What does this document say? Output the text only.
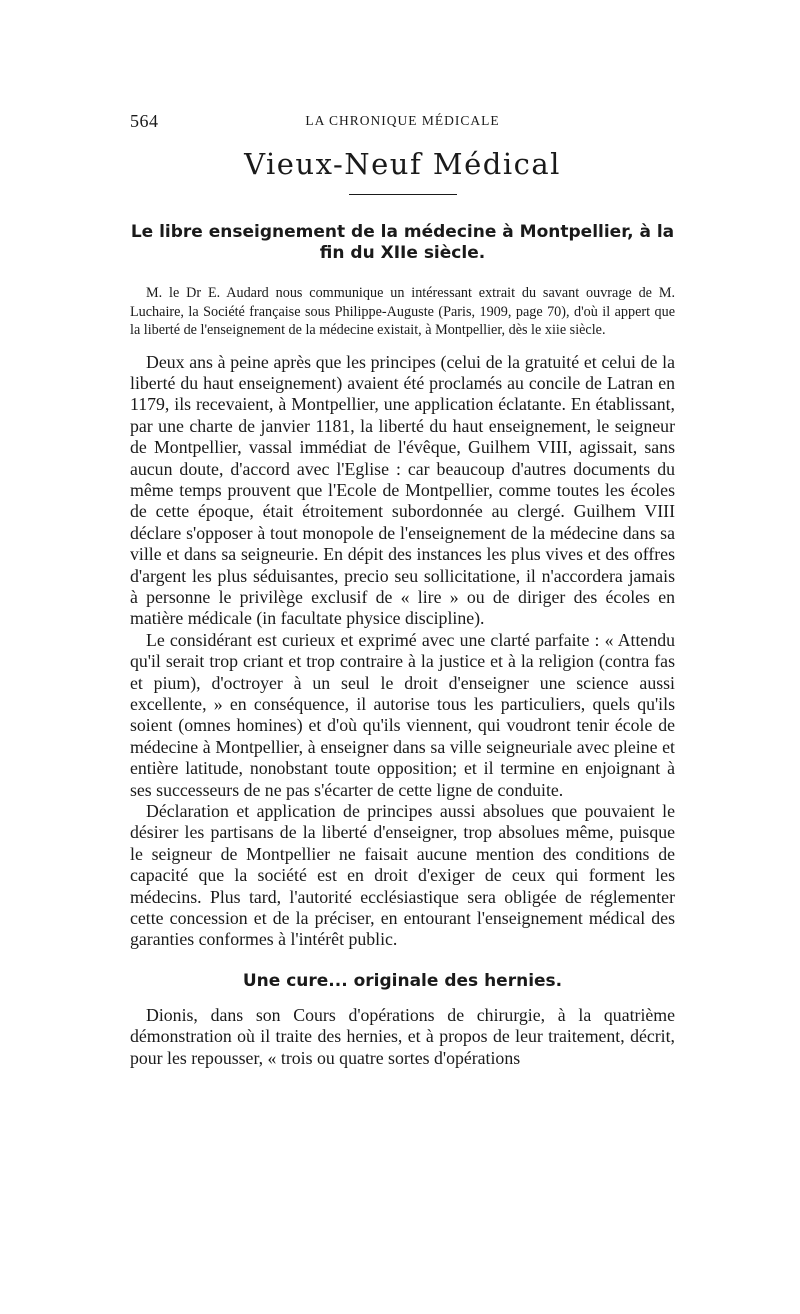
564	LA CHRONIQUE MÉDICALE
Vieux-Neuf Médical
Le libre enseignement de la médecine à Montpellier, à la fin du XIIe siècle.
M. le Dr E. Audard nous communique un intéressant extrait du savant ouvrage de M. Luchaire, la Société française sous Philippe-Auguste (Paris, 1909, page 70), d'où il appert que la liberté de l'enseignement de la médecine existait, à Montpellier, dès le xiie siècle.

Deux ans à peine après que les principes (celui de la gratuité et celui de la liberté du haut enseignement) avaient été proclamés au concile de Latran en 1179, ils recevaient, à Montpellier, une application éclatante. En établissant, par une charte de janvier 1181, la liberté du haut enseignement, le seigneur de Montpellier, vassal immédiat de l'évêque, Guilhem VIII, agissait, sans aucun doute, d'accord avec l'Eglise : car beaucoup d'autres documents du même temps prouvent que l'Ecole de Montpellier, comme toutes les écoles de cette époque, était étroitement subordonnée au clergé. Guilhem VIII déclare s'opposer à tout monopole de l'enseignement de la médecine dans sa ville et dans sa seigneurie. En dépit des instances les plus vives et des offres d'argent les plus séduisantes, precio seu sollicitatione, il n'accordera jamais à personne le privilège exclusif de « lire » ou de diriger des écoles en matière médicale (in facultate physice discipline).

Le considérant est curieux et exprimé avec une clarté parfaite : « Attendu qu'il serait trop criant et trop contraire à la justice et à la religion (contra fas et pium), d'octroyer à un seul le droit d'enseigner une science aussi excellente, » en conséquence, il autorise tous les particuliers, quels qu'ils soient (omnes homines) et d'où qu'ils viennent, qui voudront tenir école de médecine à Montpellier, à enseigner dans sa ville seigneuriale avec pleine et entière latitude, nonobstant toute opposition; et il termine en enjoignant à ses successeurs de ne pas s'écarter de cette ligne de conduite.

Déclaration et application de principes aussi absolues que pouvaient le désirer les partisans de la liberté d'enseigner, trop absolues même, puisque le seigneur de Montpellier ne faisait aucune mention des conditions de capacité que la société est en droit d'exiger de ceux qui forment les médecins. Plus tard, l'autorité ecclésiastique sera obligée de réglementer cette concession et de la préciser, en entourant l'enseignement médical des garanties conformes à l'intérêt public.

Une cure... originale des hernies.

Dionis, dans son Cours d'opérations de chirurgie, à la quatrième démonstration où il traite des hernies, et à propos de leur traitement, décrit, pour les repousser, « trois ou quatre sortes d'opérations
